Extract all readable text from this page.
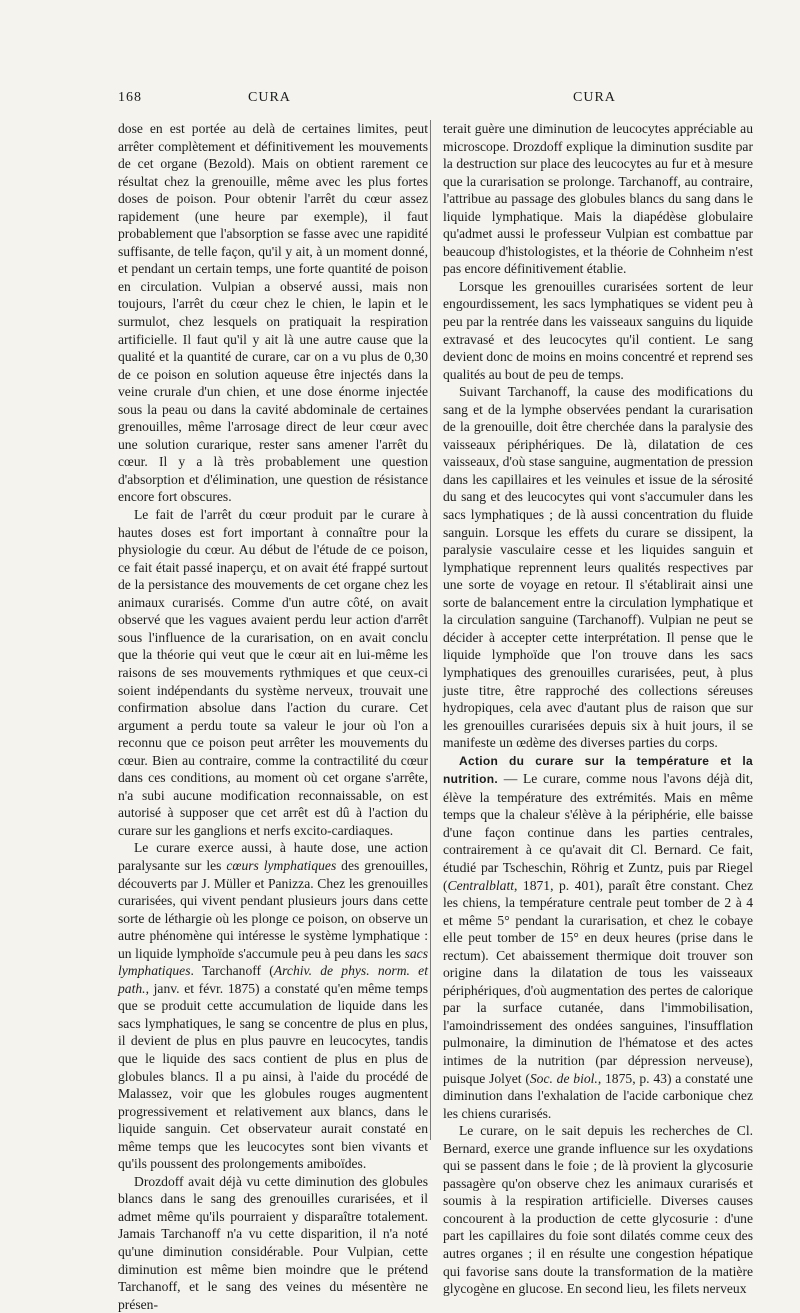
168	CURA	CURA

dose en est portée au delà de certaines limites, peut arrêter complètement et définitivement les mouvements de cet organe (Bezold). Mais on obtient rarement ce résultat chez la grenouille, même avec les plus fortes doses de poison. Pour obtenir l'arrêt du cœur assez rapidement (une heure par exemple), il faut probablement que l'absorption se fasse avec une rapidité suffisante, de telle façon, qu'il y ait, à un moment donné, et pendant un certain temps, une forte quantité de poison en circulation. Vulpian a observé aussi, mais non toujours, l'arrêt du cœur chez le chien, le lapin et le surmulot, chez lesquels on pratiquait la respiration artificielle. Il faut qu'il y ait là une autre cause que la qualité et la quantité de curare, car on a vu plus de 0,30 de ce poison en solution aqueuse être injectés dans la veine crurale d'un chien, et une dose énorme injectée sous la peau ou dans la cavité abdominale de certaines grenouilles, même l'arrosage direct de leur cœur avec une solution curarique, rester sans amener l'arrêt du cœur. Il y a là très probablement une question d'absorption et d'élimination, une question de résistance encore fort obscures.

Le fait de l'arrêt du cœur produit par le curare à hautes doses est fort important à connaître pour la physiologie du cœur. Au début de l'étude de ce poison, ce fait était passé inaperçu, et on avait été frappé surtout de la persistance des mouvements de cet organe chez les animaux curarisés. Comme d'un autre côté, on avait observé que les vagues avaient perdu leur action d'arrêt sous l'influence de la curarisation, on en avait conclu que la théorie qui veut que le cœur ait en lui-même les raisons de ses mouvements rythmiques et que ceux-ci soient indépendants du système nerveux, trouvait une confirmation absolue dans l'action du curare. Cet argument a perdu toute sa valeur le jour où l'on a reconnu que ce poison peut arrêter les mouvements du cœur. Bien au contraire, comme la contractilité du cœur dans ces conditions, au moment où cet organe s'arrête, n'a subi aucune modification reconnaissable, on est autorisé à supposer que cet arrêt est dû à l'action du curare sur les ganglions et nerfs excito-cardiaques.

Le curare exerce aussi, à haute dose, une action paralysante sur les cœurs lymphatiques des grenouilles, découverts par J. Müller et Panizza. Chez les grenouilles curarisées, qui vivent pendant plusieurs jours dans cette sorte de léthargie où les plonge ce poison, on observe un autre phénomène qui intéresse le système lymphatique : un liquide lymphoïde s'accumule peu à peu dans les sacs lymphatiques. Tarchanoff (Archiv. de phys. norm. et path., janv. et févr. 1875) a constaté qu'en même temps que se produit cette accumulation de liquide dans les sacs lymphatiques, le sang se concentre de plus en plus, il devient de plus en plus pauvre en leucocytes, tandis que le liquide des sacs contient de plus en plus de globules blancs. Il a pu ainsi, à l'aide du procédé de Malassez, voir que les globules rouges augmentent progressivement et relativement aux blancs, dans le liquide sanguin. Cet observateur aurait constaté en même temps que les leucocytes sont bien vivants et qu'ils poussent des prolongements amiboïdes.

Drozdoff avait déjà vu cette diminution des globules blancs dans le sang des grenouilles curarisées, et il admet même qu'ils pourraient y disparaître totalement. Jamais Tarchanoff n'a vu cette disparition, il n'a noté qu'une diminution considérable. Pour Vulpian, cette diminution est même bien moindre que le prétend Tarchanoff, et le sang des veines du mésentère ne présen-

terait guère une diminution de leucocytes appréciable au microscope. Drozdoff explique la diminution susdite par la destruction sur place des leucocytes au fur et à mesure que la curarisation se prolonge. Tarchanoff, au contraire, l'attribue au passage des globules blancs du sang dans le liquide lymphatique. Mais la diapédèse globulaire qu'admet aussi le professeur Vulpian est combattue par beaucoup d'histologistes, et la théorie de Cohnheim n'est pas encore définitivement établie.

Lorsque les grenouilles curarisées sortent de leur engourdissement, les sacs lymphatiques se vident peu à peu par la rentrée dans les vaisseaux sanguins du liquide extravasé et des leucocytes qu'il contient. Le sang devient donc de moins en moins concentré et reprend ses qualités au bout de peu de temps.

Suivant Tarchanoff, la cause des modifications du sang et de la lymphe observées pendant la curarisation de la grenouille, doit être cherchée dans la paralysie des vaisseaux périphériques. De là, dilatation de ces vaisseaux, d'où stase sanguine, augmentation de pression dans les capillaires et les veinules et issue de la sérosité du sang et des leucocytes qui vont s'accumuler dans les sacs lymphatiques ; de là aussi concentration du fluide sanguin. Lorsque les effets du curare se dissipent, la paralysie vasculaire cesse et les liquides sanguin et lymphatique reprennent leurs qualités respectives par une sorte de voyage en retour. Il s'établirait ainsi une sorte de balancement entre la circulation lymphatique et la circulation sanguine (Tarchanoff). Vulpian ne peut se décider à accepter cette interprétation. Il pense que le liquide lymphoïde que l'on trouve dans les sacs lymphatiques des grenouilles curarisées, peut, à plus juste titre, être rapproché des collections séreuses hydropiques, cela avec d'autant plus de raison que sur les grenouilles curarisées depuis six à huit jours, il se manifeste un œdème des diverses parties du corps.

Action du curare sur la température et la nutrition. — Le curare, comme nous l'avons déjà dit, élève la température des extrémités. Mais en même temps que la chaleur s'élève à la périphérie, elle baisse d'une façon continue dans les parties centrales, contrairement à ce qu'avait dit Cl. Bernard. Ce fait, étudié par Tscheschin, Röhrig et Zuntz, puis par Riegel (Centralblatt, 1871, p. 401), paraît être constant. Chez les chiens, la température centrale peut tomber de 2 à 4 et même 5° pendant la curarisation, et chez le cobaye elle peut tomber de 15° en deux heures (prise dans le rectum). Cet abaissement thermique doit trouver son origine dans la dilatation de tous les vaisseaux périphériques, d'où augmentation des pertes de calorique par la surface cutanée, dans l'immobilisation, l'amoindrissement des ondées sanguines, l'insufflation pulmonaire, la diminution de l'hématose et des actes intimes de la nutrition (par dépression nerveuse), puisque Jolyet (Soc. de biol., 1875, p. 43) a constaté une diminution dans l'exhalation de l'acide carbonique chez les chiens curarisés.

Le curare, on le sait depuis les recherches de Cl. Bernard, exerce une grande influence sur les oxydations qui se passent dans le foie ; de là provient la glycosurie passagère qu'on observe chez les animaux curarisés et soumis à la respiration artificielle. Diverses causes concourent à la production de cette glycosurie : d'une part les capillaires du foie sont dilatés comme ceux des autres organes ; il en résulte une congestion hépatique qui favorise sans doute la transformation de la matière glycogène en glucose. En second lieu, les filets nerveux
